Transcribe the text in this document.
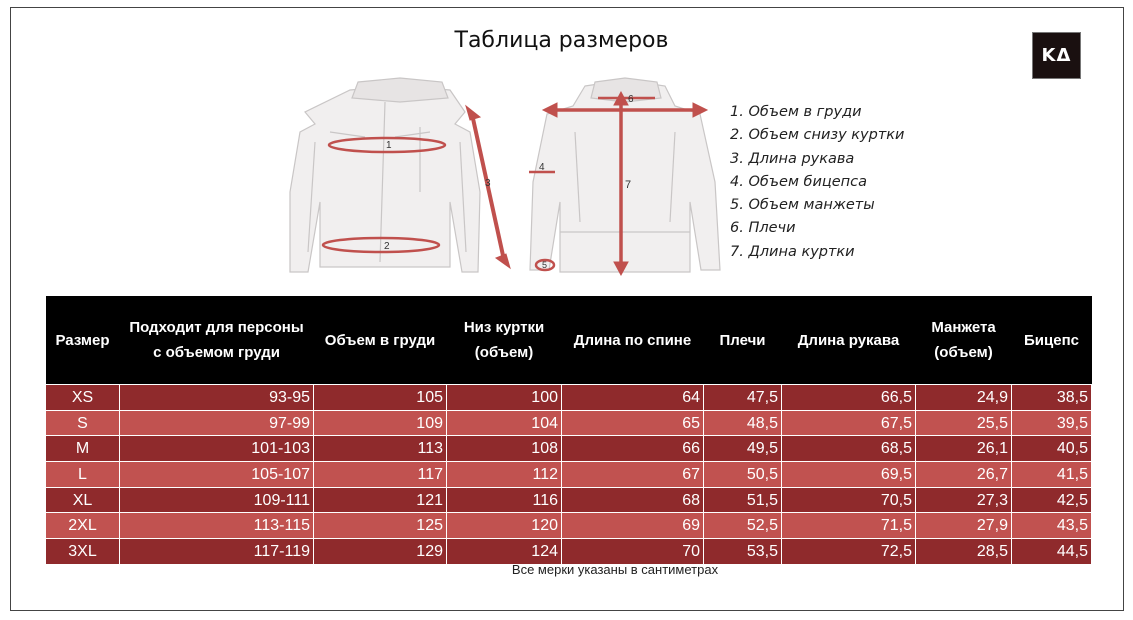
Таблица размеров
KΔ
1
2
3
4
5
6
7
1. Объем в груди
2. Объем снизу куртки
3. Длина рукава
4. Объем бицепса
5. Объем манжеты
6. Плечи
7. Длина куртки
Размер	Подходит для персоны с объемом груди	Объем в груди	Низ куртки (объем)	Длина по спине	Плечи	Длина рукава	Манжета (объем)	Бицепс
XS	93-95	105	100	64	47,5	66,5	24,9	38,5
S	97-99	109	104	65	48,5	67,5	25,5	39,5
M	101-103	113	108	66	49,5	68,5	26,1	40,5
L	105-107	117	112	67	50,5	69,5	26,7	41,5
XL	109-111	121	116	68	51,5	70,5	27,3	42,5
2XL	113-115	125	120	69	52,5	71,5	27,9	43,5
3XL	117-119	129	124	70	53,5	72,5	28,5	44,5
Все мерки указаны в сантиметрах
